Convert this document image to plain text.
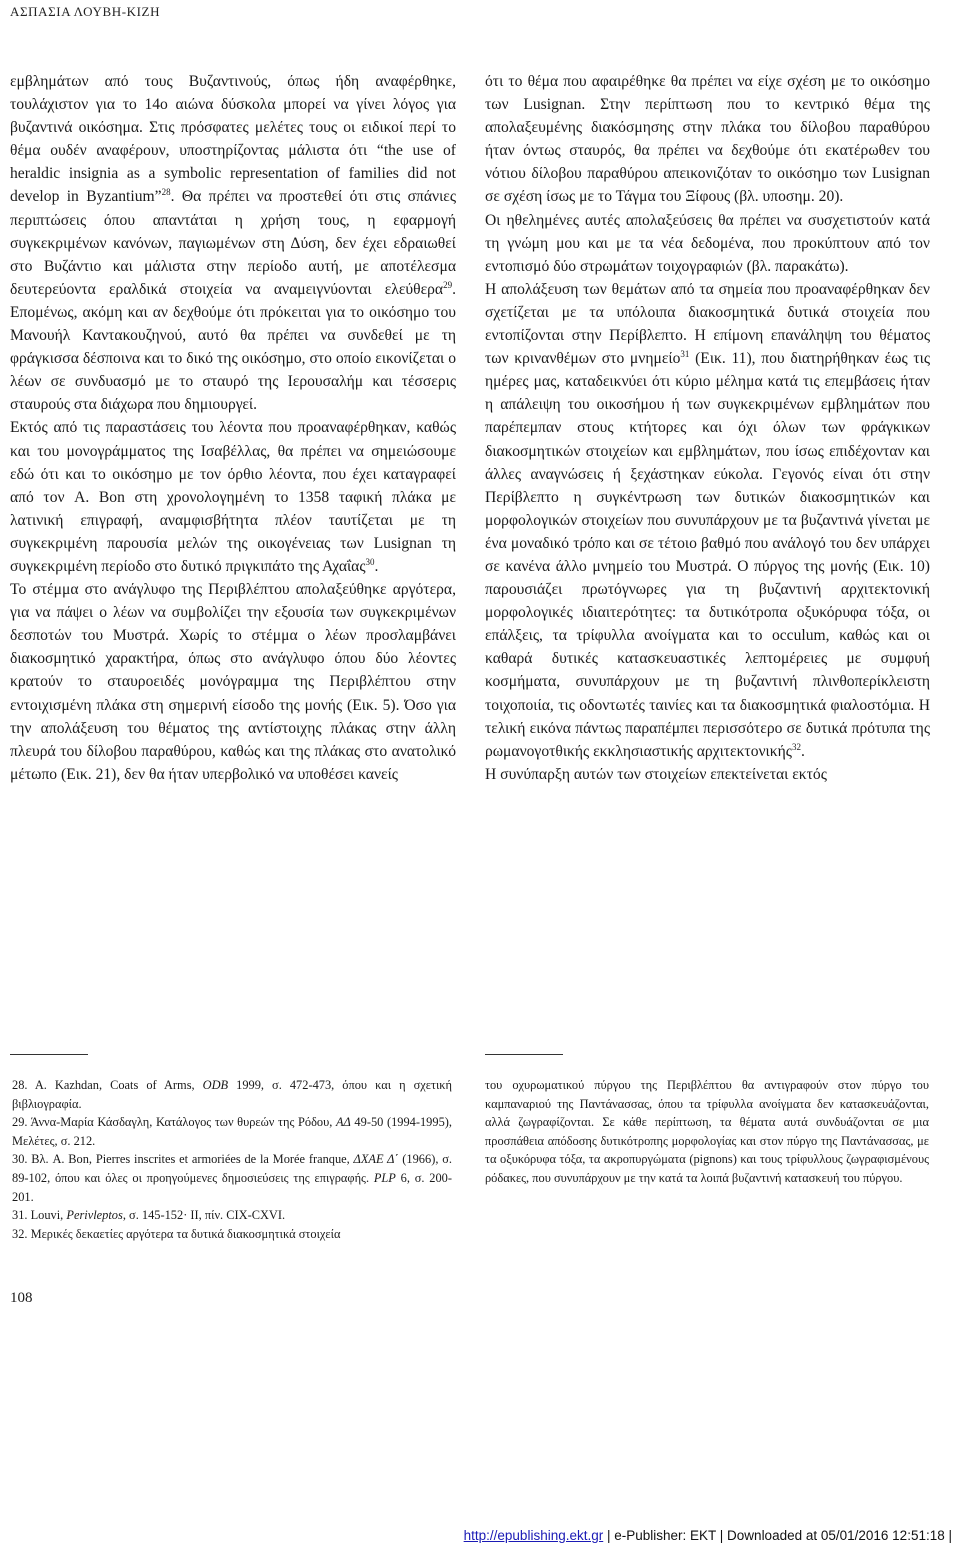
ΑΣΠΑΣΙΑ ΛΟΥΒΗ-ΚΙΖΗ

εμβλημάτων από τους Βυζαντινούς, όπως ήδη αναφέρθηκε, τουλάχιστον για το 14ο αιώνα δύσκολα μπορεί να γίνει λόγος για βυζαντινά οικόσημα. Στις πρόσφατες μελέτες τους οι ειδικοί περί το θέμα ουδέν αναφέρουν, υποστηρίζοντας μάλιστα ότι “the use of heraldic insignia as a symbolic representation of families did not develop in Byzantium”$^{28}$. Θα πρέπει να προστεθεί ότι στις σπάνιες περιπτώσεις όπου απαντάται η χρήση τους, η εφαρμογή συγκεκριμένων κανόνων, παγιωμένων στη Δύση, δεν έχει εδραιωθεί στο Βυζάντιο και μάλιστα στην περίοδο αυτή, με αποτέλεσμα δευτερεύοντα εραλδικά στοιχεία να αναμειγνύονται ελεύθερα$^{29}$. Επομένως, ακόμη και αν δεχθούμε ότι πρόκειται για το οικόσημο του Μανουήλ Καντακουζηνού, αυτό θα πρέπει να συνδεθεί με τη φράγκισσα δέσποινα και το δικό της οικόσημο, στο οποίο εικονίζεται ο λέων σε συνδυασμό με το σταυρό της Ιερουσαλήμ και τέσσερις σταυρούς στα διάχωρα που δημιουργεί.

Εκτός από τις παραστάσεις του λέοντα που προαναφέρθηκαν, καθώς και του μονογράμματος της Ισαβέλλας, θα πρέπει να σημειώσουμε εδώ ότι και το οικόσημο με τον όρθιο λέοντα, που έχει καταγραφεί από τον A. Bon στη χρονολογημένη το 1358 ταφική πλάκα με λατινική επιγραφή, αναμφισβήτητα πλέον ταυτίζεται με τη συγκεκριμένη παρουσία μελών της οικογένειας των Lusignan τη συγκεκριμένη περίοδο στο δυτικό πριγκιπάτο της Αχαΐας$^{30}$.

Το στέμμα στο ανάγλυφο της Περιβλέπτου απολαξεύθηκε αργότερα, για να πάψει ο λέων να συμβολίζει την εξουσία των συγκεκριμένων δεσποτών του Μυστρά. Χωρίς το στέμμα ο λέων προσλαμβάνει διακοσμητικό χαρακτήρα, όπως στο ανάγλυφο όπου δύο λέοντες κρατούν το σταυροειδές μονόγραμμα της Περιβλέπτου στην εντοιχισμένη πλάκα στη σημερινή είσοδο της μονής (Εικ. 5). Όσο για την απολάξευση του θέματος της αντίστοιχης πλάκας στην άλλη πλευρά του δίλοβου παραθύρου, καθώς και της πλάκας στο ανατολικό μέτωπο (Εικ. 21), δεν θα ήταν υπερβολικό να υποθέσει κανείς

ότι το θέμα που αφαιρέθηκε θα πρέπει να είχε σχέση με το οικόσημο των Lusignan. Στην περίπτωση που το κεντρικό θέμα της απολαξευμένης διακόσμησης στην πλάκα του δίλοβου παραθύρου ήταν όντως σταυρός, θα πρέπει να δεχθούμε ότι εκατέρωθεν του νότιου δίλοβου παραθύρου απεικονιζόταν το οικόσημο των Lusignan σε σχέση ίσως με το Τάγμα του Ξίφους (βλ. υποσημ. 20).

Οι ηθελημένες αυτές απολαξεύσεις θα πρέπει να συσχετιστούν κατά τη γνώμη μου και με τα νέα δεδομένα, που προκύπτουν από τον εντοπισμό δύο στρωμάτων τοιχογραφιών (βλ. παρακάτω).

Η απολάξευση των θεμάτων από τα σημεία που προαναφέρθηκαν δεν σχετίζεται με τα υπόλοιπα διακοσμητικά δυτικά στοιχεία που εντοπίζονται στην Περίβλεπτο. Η επίμονη επανάληψη του θέματος των κρινανθέμων στο μνημείο$^{31}$ (Εικ. 11), που διατηρήθηκαν έως τις ημέρες μας, καταδεικνύει ότι κύριο μέλημα κατά τις επεμβάσεις ήταν η απάλειψη του οικοσήμου ή των συγκεκριμένων εμβλημάτων που παρέπεμπαν στους κτήτορες και όχι όλων των φράγκικων διακοσμητικών στοιχείων και εμβλημάτων, που ίσως επιδέχονταν και άλλες αναγνώσεις ή ξεχάστηκαν εύκολα. Γεγονός είναι ότι στην Περίβλεπτο η συγκέντρωση των δυτικών διακοσμητικών και μορφολογικών στοιχείων που συνυπάρχουν με τα βυζαντινά γίνεται με ένα μοναδικό τρόπο και σε τέτοιο βαθμό που ανάλογό του δεν υπάρχει σε κανένα άλλο μνημείο του Μυστρά. Ο πύργος της μονής (Εικ. 10) παρουσιάζει πρωτόγνωρες για τη βυζαντινή αρχιτεκτονική μορφολογικές ιδιαιτερότητες: τα δυτικότροπα οξυκόρυφα τόξα, οι επάλξεις, τα τρίφυλλα ανοίγματα και το occulum, καθώς και οι καθαρά δυτικές κατασκευαστικές λεπτομέρειες με συμφυή κοσμήματα, συνυπάρχουν με τη βυζαντινή πλινθοπερίκλειστη τοιχοποιία, τις οδοντωτές ταινίες και τα διακοσμητικά φιαλοστόμια. Η τελική εικόνα πάντως παραπέμπει περισσότερο σε δυτικά πρότυπα της ρωμανογοτθικής εκκλησιαστικής αρχιτεκτονικής$^{32}$.

Η συνύπαρξη αυτών των στοιχείων επεκτείνεται εκτός

28. A. Kazhdan, Coats of Arms, ODB 1999, σ. 472-473, όπου και η σχετική βιβλιογραφία.

29. Άννα-Μαρία Κάσδαγλη, Κατάλογος των θυρεών της Ρόδου, ΑΔ 49-50 (1994-1995), Μελέτες, σ. 212.

30. Βλ. A. Bon, Pierres inscrites et armoriées de la Morée franque, ΔΧΑΕ Δ΄ (1966), σ. 89-102, όπου και όλες οι προηγούμενες δημοσιεύσεις της επιγραφής. PLP 6, σ. 200-201.

31. Louvi, Perivleptos, σ. 145-152· II, πίν. CIX-CXVI.

32. Μερικές δεκαετίες αργότερα τα δυτικά διακοσμητικά στοιχεία

του οχυρωματικού πύργου της Περιβλέπτου θα αντιγραφούν στον πύργο του καμπαναριού της Παντάνασσας, όπου τα τρίφυλλα ανοίγματα δεν κατασκευάζονται, αλλά ζωγραφίζονται. Σε κάθε περίπτωση, τα θέματα αυτά συνδυάζονται σε μια προσπάθεια απόδοσης δυτικότροπης μορφολογίας και στον πύργο της Παντάνασσας, με τα οξυκόρυφα τόξα, τα ακροπυργώματα (pignons) και τους τρίφυλλους ζωγραφισμένους ρόδακες, που συνυπάρχουν με την κατά τα λοιπά βυζαντινή κατασκευή του πύργου.

108
http://epublishing.ekt.gr | e-Publisher: EKT | Downloaded at 05/01/2016 12:51:18 |
